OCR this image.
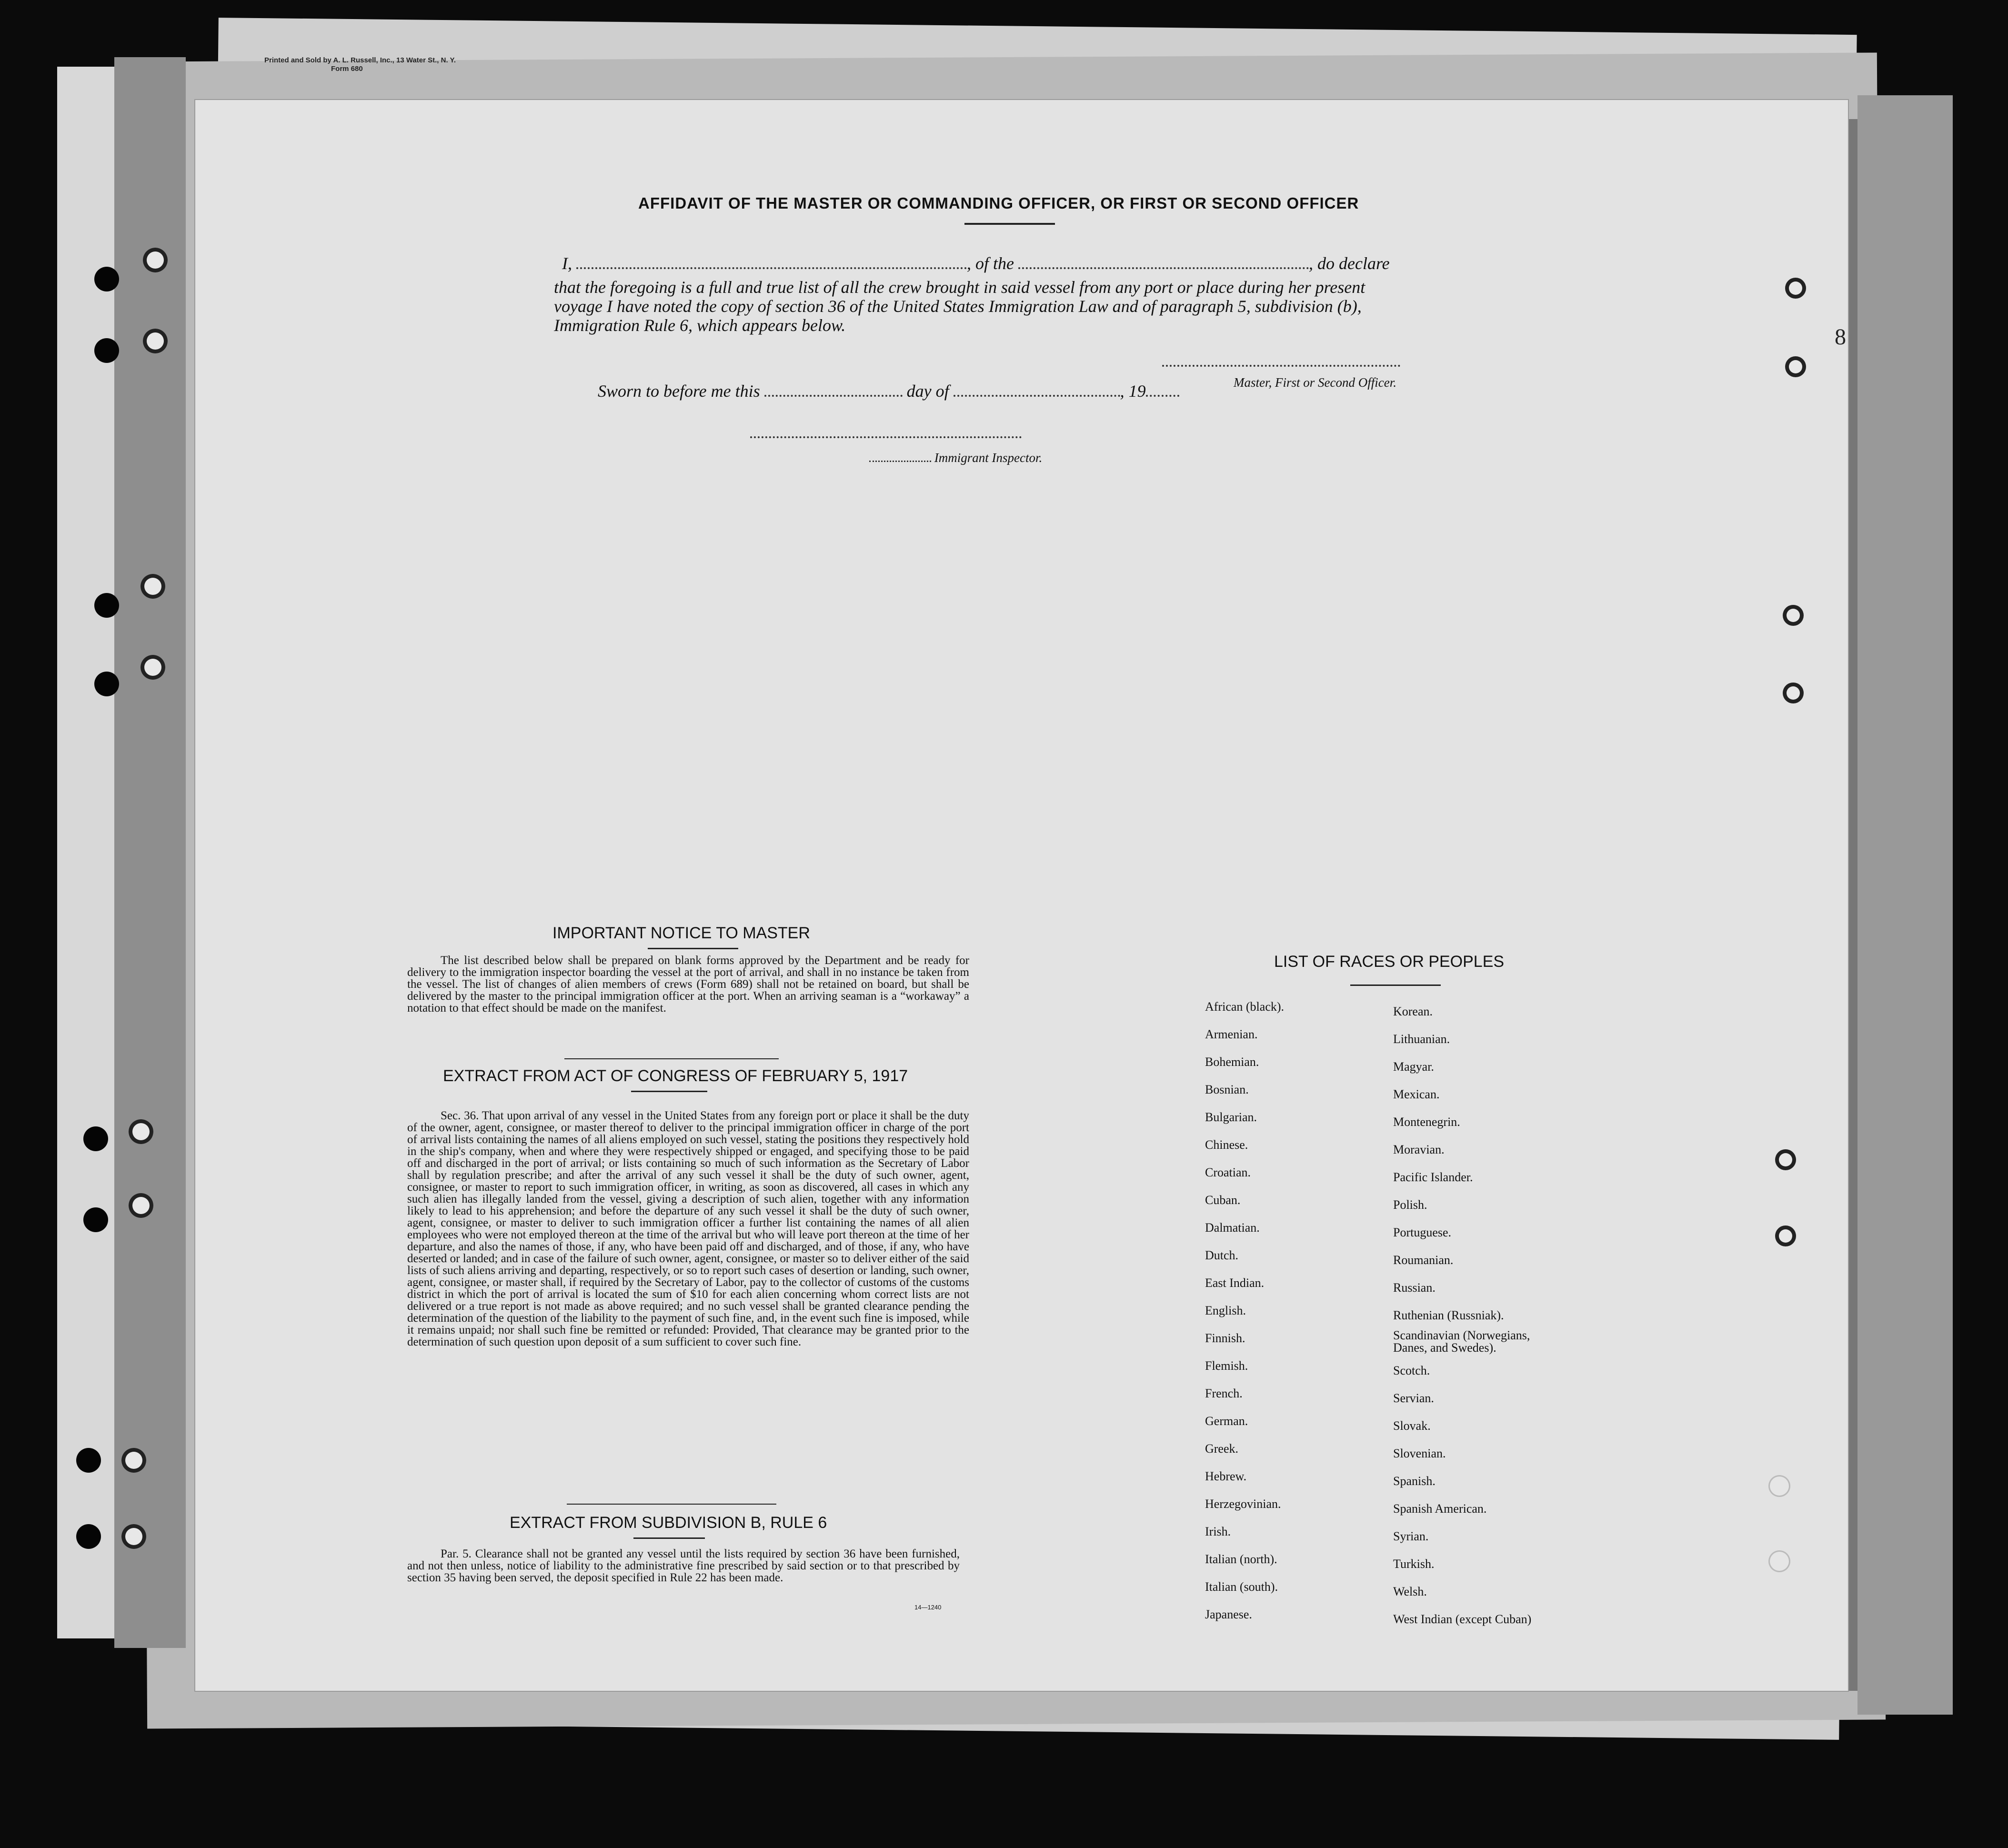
Printed and Sold by A. L. Russell, Inc., 13 Water St., N. Y.
Form 680
8
AFFIDAVIT OF THE MASTER OR COMMANDING OFFICER, OR FIRST OR SECOND OFFICER
I,	, of the	, do declare
that the foregoing is a full and true list of all the crew brought in said vessel from any port or place during her present
voyage I have noted the copy of section 36 of the United States Immigration Law and of paragraph 5, subdivision (b),
Immigration Rule 6, which appears below.
Master, First or Second Officer.
Sworn to before me this	day of	, 19
Immigrant Inspector.
IMPORTANT NOTICE TO MASTER
The list described below shall be prepared on blank forms approved by the Department and be ready for delivery to the immigration inspector boarding the vessel at the port of arrival, and shall in no instance be taken from the vessel. The list of changes of alien members of crews (Form 689) shall not be retained on board, but shall be delivered by the master to the principal immigration officer at the port. When an arriving seaman is a “workaway” a notation to that effect should be made on the manifest.
EXTRACT FROM ACT OF CONGRESS OF FEBRUARY 5, 1917
Sec. 36. That upon arrival of any vessel in the United States from any foreign port or place it shall be the duty of the owner, agent, consignee, or master thereof to deliver to the principal immigration officer in charge of the port of arrival lists containing the names of all aliens employed on such vessel, stating the positions they respectively hold in the ship's company, when and where they were respectively shipped or engaged, and specifying those to be paid off and discharged in the port of arrival; or lists containing so much of such information as the Secretary of Labor shall by regulation prescribe; and after the arrival of any such vessel it shall be the duty of such owner, agent, consignee, or master to report to such immigration officer, in writing, as soon as discovered, all cases in which any such alien has illegally landed from the vessel, giving a description of such alien, together with any information likely to lead to his apprehension; and before the departure of any such vessel it shall be the duty of such owner, agent, consignee, or master to deliver to such immigration officer a further list containing the names of all alien employees who were not employed thereon at the time of the arrival but who will leave port thereon at the time of her departure, and also the names of those, if any, who have been paid off and discharged, and of those, if any, who have deserted or landed; and in case of the failure of such owner, agent, consignee, or master so to deliver either of the said lists of such aliens arriving and departing, respectively, or so to report such cases of desertion or landing, such owner, agent, consignee, or master shall, if required by the Secretary of Labor, pay to the collector of customs of the customs district in which the port of arrival is located the sum of $10 for each alien concerning whom correct lists are not delivered or a true report is not made as above required; and no such vessel shall be granted clearance pending the determination of the question of the liability to the payment of such fine, and, in the event such fine is imposed, while it remains unpaid; nor shall such fine be remitted or refunded: Provided, That clearance may be granted prior to the determination of such question upon deposit of a sum sufficient to cover such fine.
EXTRACT FROM SUBDIVISION B, RULE 6
Par. 5. Clearance shall not be granted any vessel until the lists required by section 36 have been furnished, and not then unless, notice of liability to the administrative fine prescribed by said section or to that prescribed by section 35 having been served, the deposit specified in Rule 22 has been made.
14—1240
LIST OF RACES OR PEOPLES
African (black).
Armenian.
Bohemian.
Bosnian.
Bulgarian.
Chinese.
Croatian.
Cuban.
Dalmatian.
Dutch.
East Indian.
English.
Finnish.
Flemish.
French.
German.
Greek.
Hebrew.
Herzegovinian.
Irish.
Italian (north).
Italian (south).
Japanese.
Korean.
Lithuanian.
Magyar.
Mexican.
Montenegrin.
Moravian.
Pacific Islander.
Polish.
Portuguese.
Roumanian.
Russian.
Ruthenian (Russniak).
Scandinavian (Norwegians, Danes, and Swedes).
Scotch.
Servian.
Slovak.
Slovenian.
Spanish.
Spanish American.
Syrian.
Turkish.
Welsh.
West Indian (except Cuban)
